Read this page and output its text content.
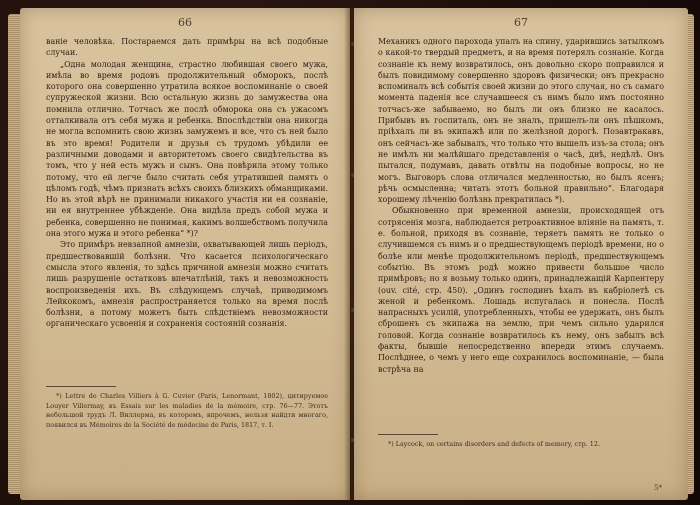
66

ванiе человѣка. Постараемся дать примѣры на всѣ подобные случаи.

„Одна молодая женщина, страстно любившая своего мужа, имѣла во время родовъ продолжительный обморокъ, послѣ которого она совершенно утратила всякое воспоминанiе о своей супружеской жизни. Всю остальную жизнь до замужества она помнила отлично. Тотчасъ же послѣ обморока она съ ужасомъ отталкивала отъ себя мужа и ребенка. Впослѣдствiи она никогда не могла вспомнить свою жизнь замужемъ и все, что съ ней было въ это время! Родители и друзья съ трудомъ убѣдили ее различными доводами и авторитетомъ своего свидѣтельства въ томъ, что у ней есть мужъ и сынъ. Она повѣрила этому только потому, что ей легче было считать себя утратившей память о цѣломъ годѣ, чѣмъ признать всѣхъ своихъ близкихъ обманщиками. Но въ этой вѣрѣ не принимали никакого участiя ни ея сознанiе, ни ея внутреннее убѣжденiе. Она видѣла предъ собой мужа и ребенка, совершенно не понимая, какимъ волшебствомъ получила она этого мужа и этого ребенка“ *)?

Это примѣръ невзапной амнезiи, охватывающей лишь перiодъ, предшествовавшiй болѣзни. Что касается психологическаго смысла этого явленiя, то здѣсь причиной амнезiи можно считать лишь разрушенiе остатковъ впечатлѣнiй, такъ и невозможность воспроизведенiя ихъ. Въ слѣдующемъ случаѣ, приводимомъ Лейкокомъ, амнезiя распространяется только на время послѣ болѣзни, а потому можетъ быть слѣдствiемъ невозможности органическаго усвоенiя и сохраненiя состоянiй сознанiя.

*) Lettre de Charles Villiers à G. Cuvier (Paris, Lenormant, 1802), цитируемое Louyer Villermay, въ Essais sur les maladies de la mémoire, стр. 76—77. Этотъ небольшой трудъ Л. Виллерма, въ которомъ, впрочемъ, нельзя найдти многаго, появился въ Mémoires de la Société de médecine de Paris, 1817, т. I.

67

Механикъ одного парохода упалъ на спину, ударившись затылкомъ о какой-то твердый предметъ, и на время потерялъ сознанiе. Когда сознанiе къ нему возвратилось, онъ довольно скоро поправился и былъ повидимому совершенно здоровъ физически; онъ прекрасно вспоминалъ всѣ событiя своей жизни до этого случая, но съ самаго момента паденiя все случавшееся съ нимъ было имъ постоянно тотчасъ-же забываемо, но былъ ли онъ близко не касалось. Прибывъ въ госпиталь, онъ не зналъ, пришелъ-ли онъ пѣшкомъ, прiѣхалъ ли въ экипажѣ или по желѣзной дорогѣ. Позавтракавъ, онъ сейчасъ-же забывалъ, что только что вышелъ изъ-за стола; онъ не имѣлъ ни малѣйшаго представленiя о часѣ, днѣ, недѣлѣ. Онъ пытался, подумавъ, давать отвѣты на подобные вопросы, но не могъ. Выговоръ слова отличался медленностью, но былъ ясенъ; рѣчь осмысленна; читать этотъ больной правильно“. Благодаря хорошему лѣченiю болѣзнь прекратилась *).

Обыкновенно при временной амнезiи, происходящей отъ сотрясенiя мозга, наблюдается ретроактивное влiянiе на память, т. е. больной, приходя въ сознанiе, теряетъ память не только о случившемся съ нимъ и о предшествующемъ перiодѣ времени, но о болѣе или менѣе продолжительномъ перiодѣ, предшествующемъ событiю. Въ этомъ родѣ можно привести большое число примѣровъ; но я возьму только одинъ, принадлежащiй Карпентеру (ouv. cité, стр. 450). „Одинъ господинъ ѣхалъ въ кабрiолетѣ съ женой и ребенкомъ. Лошадь испугалась и понесла. Послѣ напрасныхъ усилiй, употребленныхъ, чтобы ее удержать, онъ былъ сброшенъ съ экипажа на землю, при чемъ сильно ударился головой. Когда сознанiе возвратилось къ нему, онъ забылъ всѣ факты, бывшiе непосредственно впереди этимъ случаемъ. Послѣднее, о чемъ у него еще сохранилось воспоминанiе, — была встрѣча на

*) Laycock, on certains disorders and defects of memory, стр. 12.

5*
